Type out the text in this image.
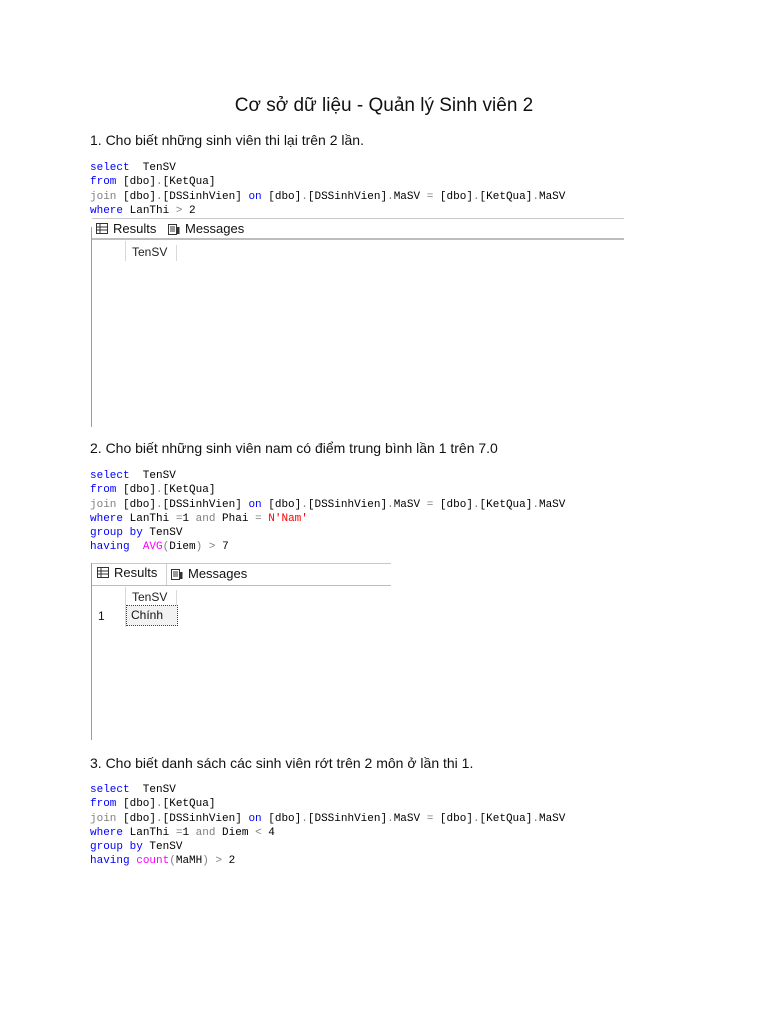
Cơ sở dữ liệu - Quản lý Sinh viên 2
1. Cho biết những sinh viên thi lại trên 2 lần.
select  TenSV
from [dbo].[KetQua]
join [dbo].[DSSinhVien] on [dbo].[DSSinhVien].MaSV = [dbo].[KetQua].MaSV
where LanThi > 2
Results Messages
TenSV
2. Cho biết những sinh viên nam có điểm trung bình lần 1 trên 7.0
select  TenSV
from [dbo].[KetQua]
join [dbo].[DSSinhVien] on [dbo].[DSSinhVien].MaSV = [dbo].[KetQua].MaSV
where LanThi =1 and Phai = N'Nam'
group by TenSV
having AVG(Diem) > 7
Results Messages
TenSV
1	Chính
3. Cho biết danh sách các sinh viên rớt trên 2 môn ở lần thi 1.
select  TenSV
from [dbo].[KetQua]
join [dbo].[DSSinhVien] on [dbo].[DSSinhVien].MaSV = [dbo].[KetQua].MaSV
where LanThi =1 and Diem < 4
group by TenSV
having count(MaMH) > 2
